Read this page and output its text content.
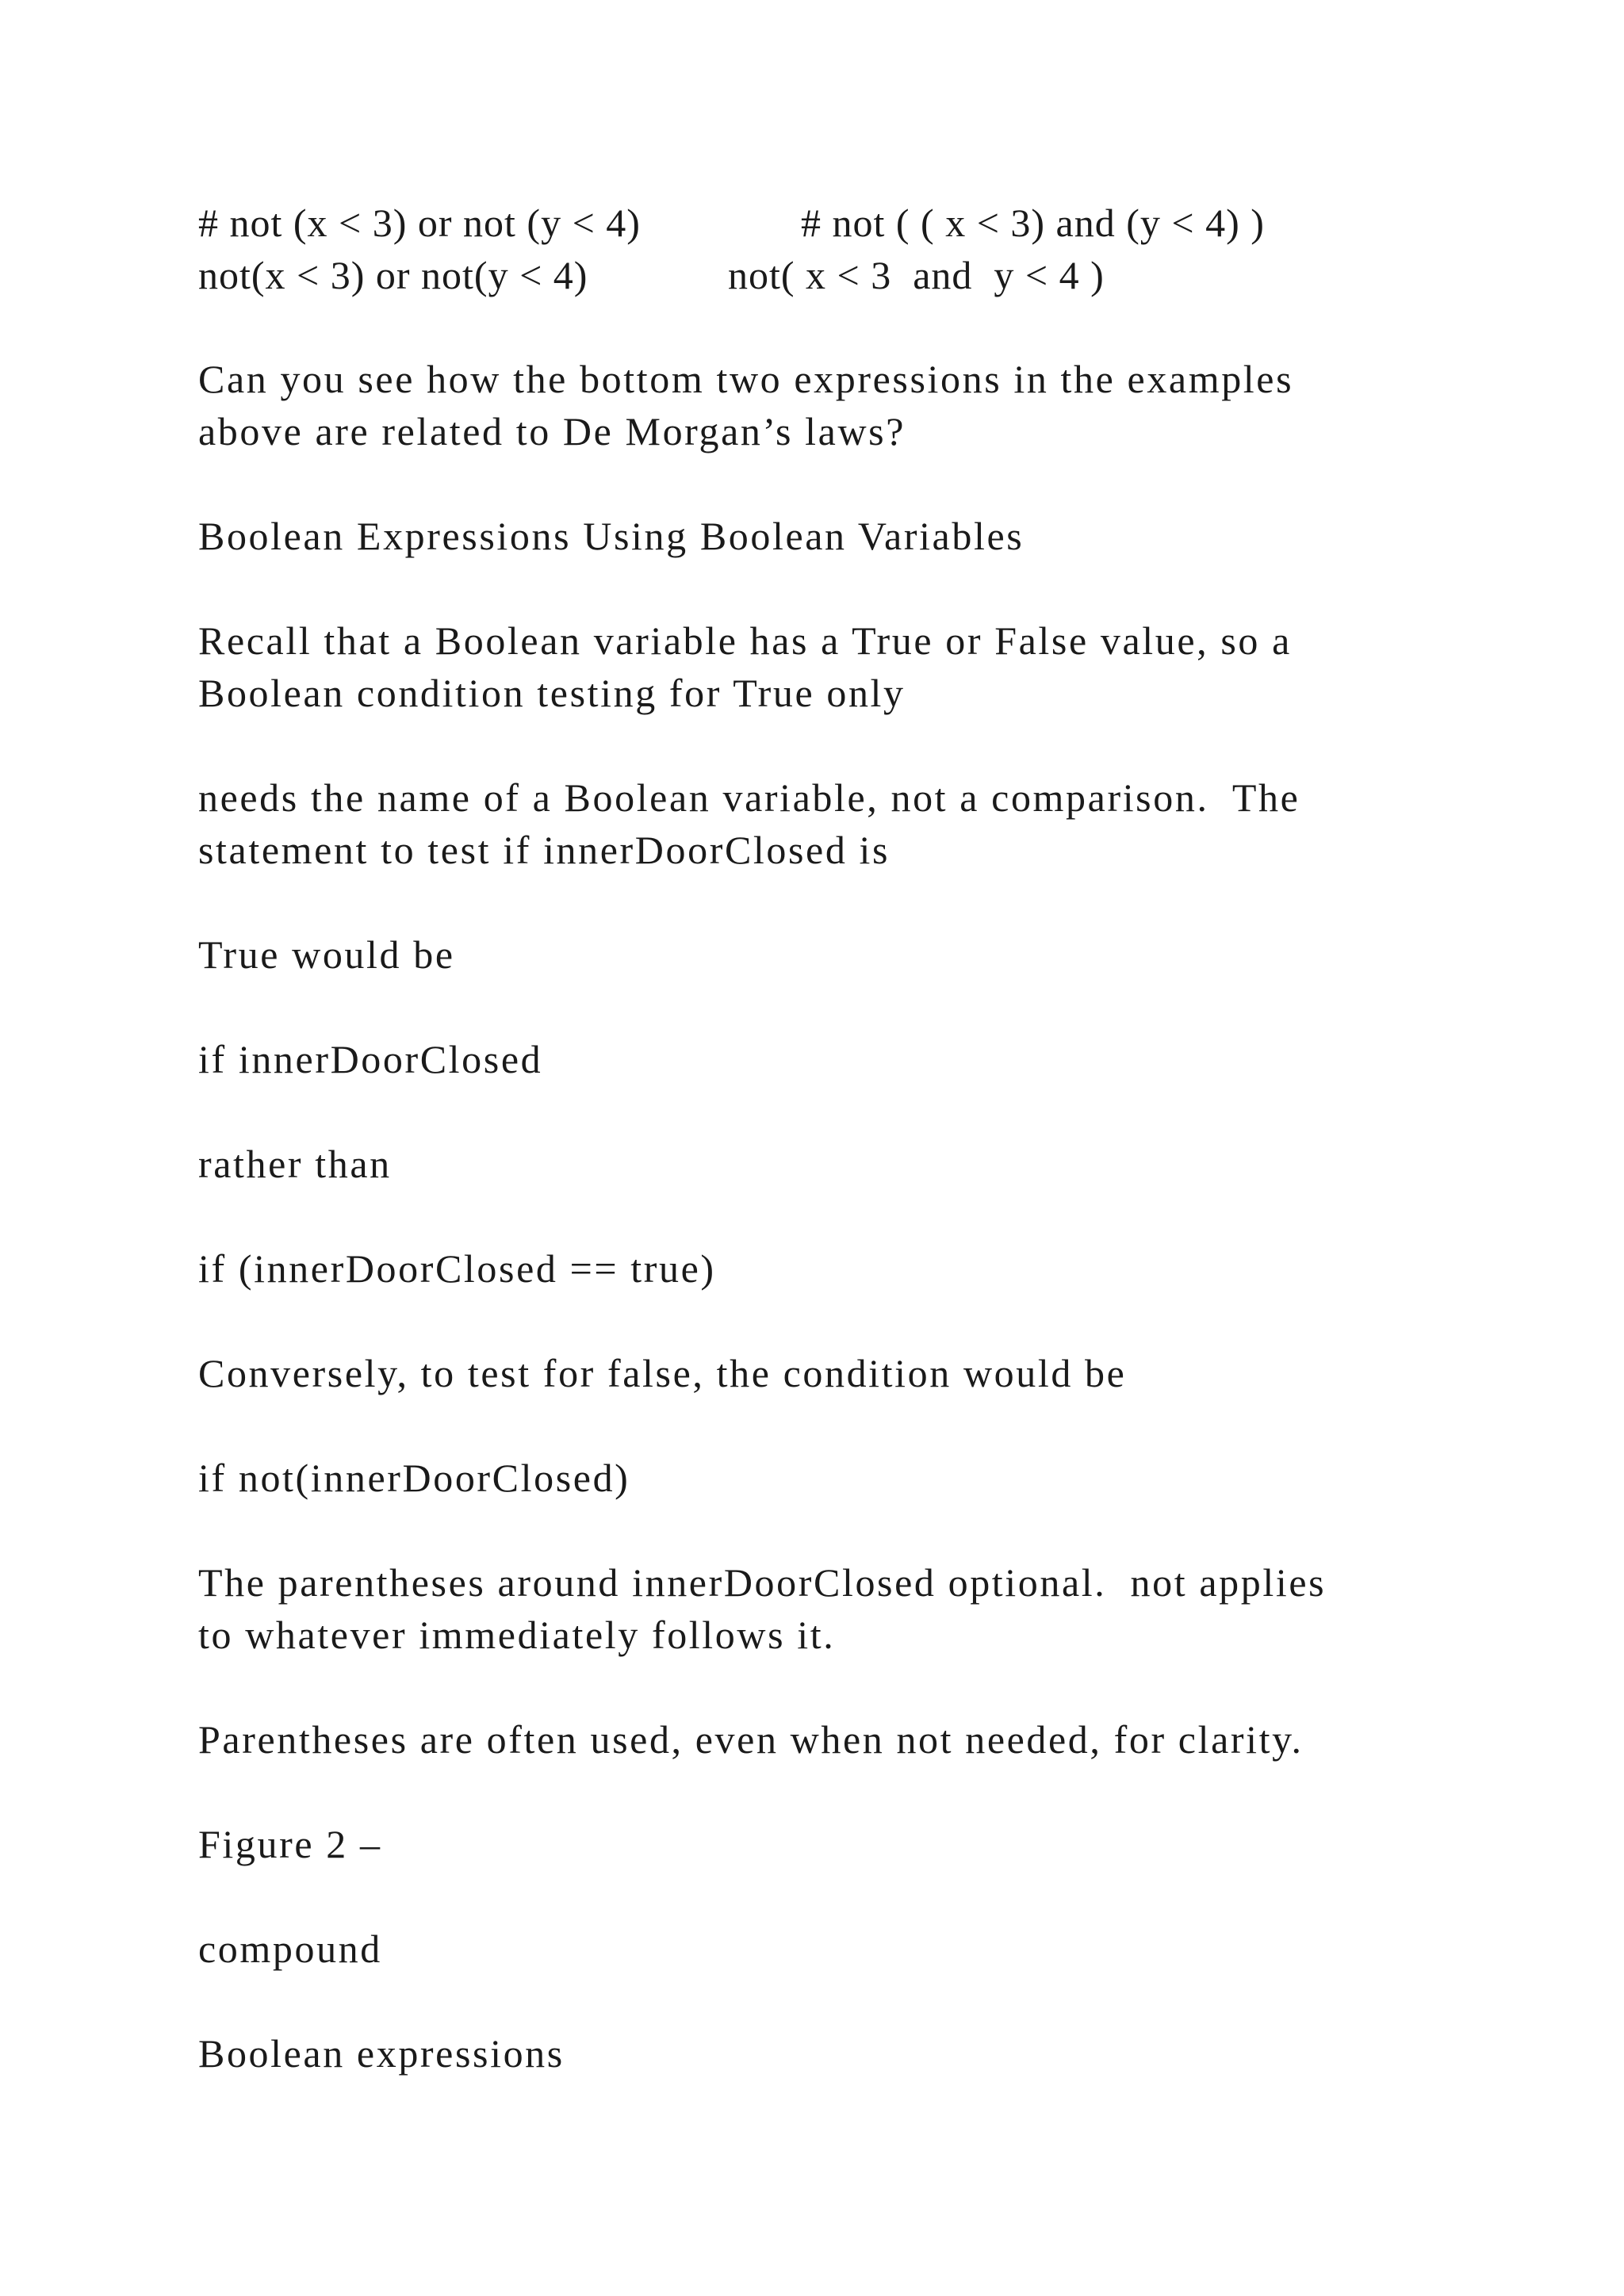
# not (x < 3) or not (y < 4)

	# not ( ( x < 3) and (y < 4) )

not(x < 3) or not(y < 4)

	not( x < 3  and  y < 4 )

Can you see how the bottom two expressions in the examples
above are related to De Morgan’s laws?
Boolean Expressions Using Boolean Variables
Recall that a Boolean variable has a True or False value, so a
Boolean condition testing for True only
needs the name of a Boolean variable, not a comparison.  The
statement to test if innerDoorClosed is
True would be
if innerDoorClosed
rather than
if (innerDoorClosed == true)
Conversely, to test for false, the condition would be
if not(innerDoorClosed)
The parentheses around innerDoorClosed optional.  not applies
to whatever immediately follows it.
Parentheses are often used, even when not needed, for clarity.
Figure 2 –
compound
Boolean expressions
